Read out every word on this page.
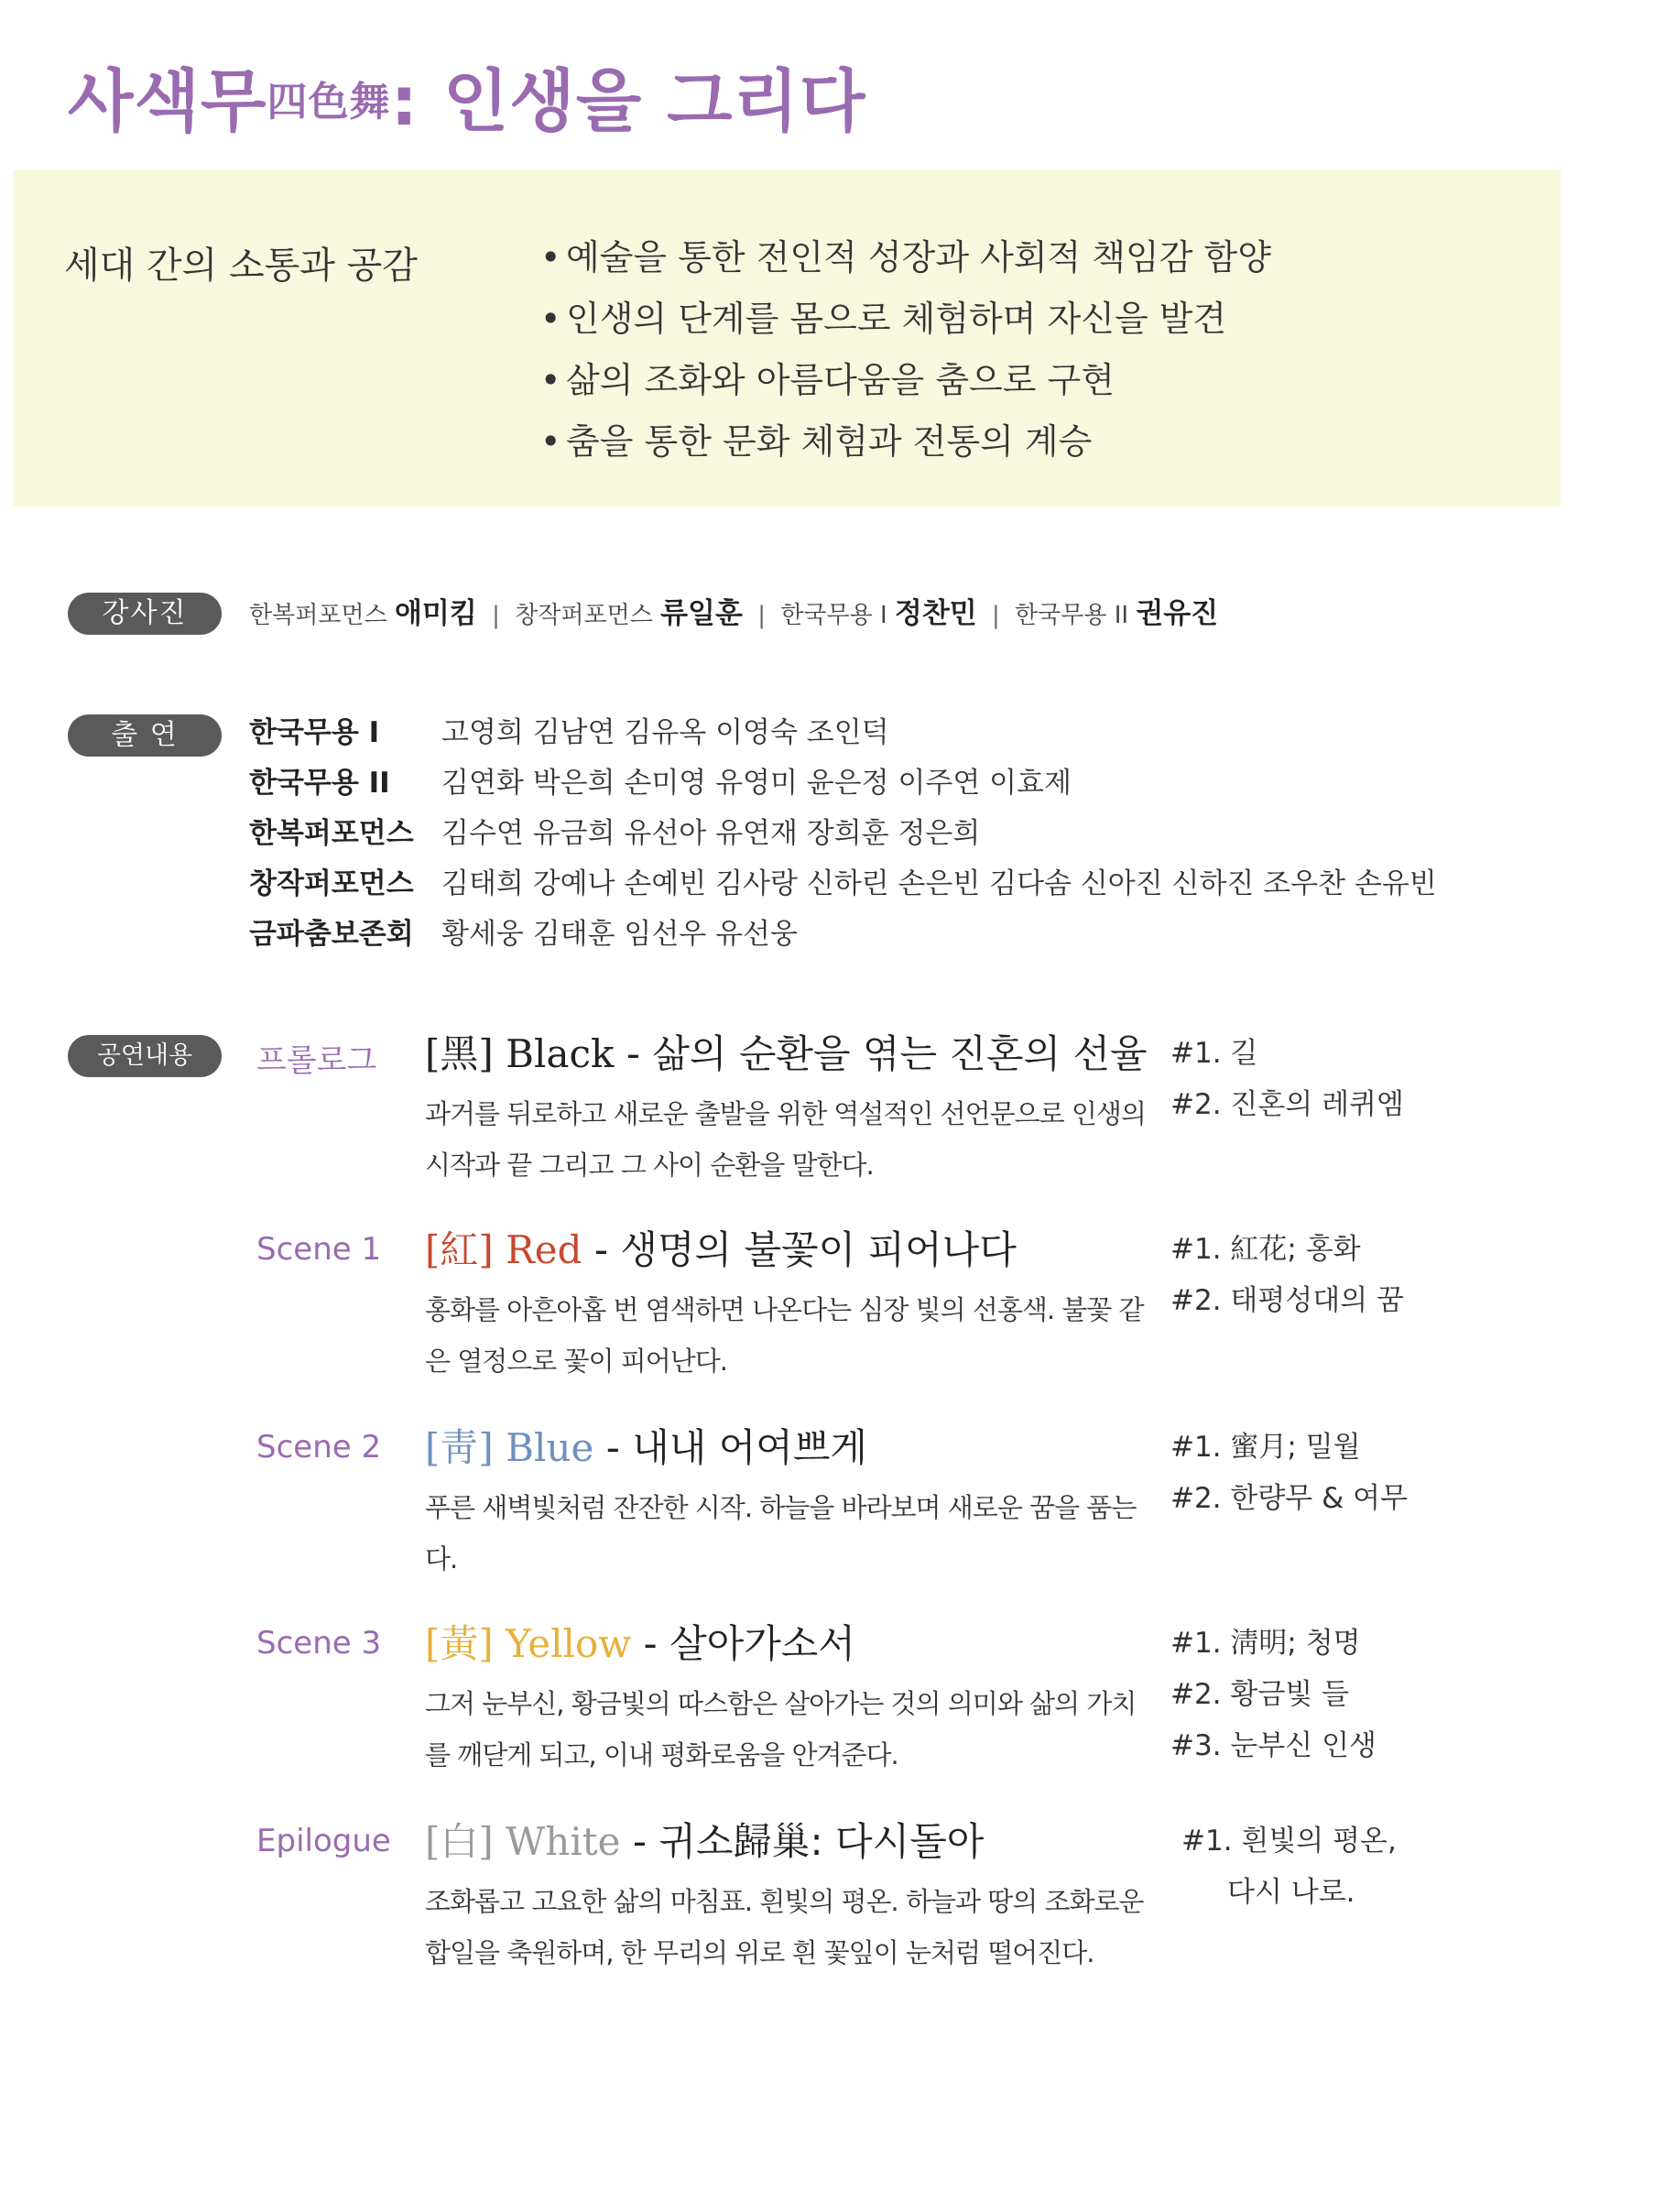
사색무四色舞: 인생을 그리다
세대 간의 소통과 공감	• 예술을 통한 전인적 성장과 사회적 책임감 함양
• 인생의 단계를 몸으로 체험하며 자신을 발견
• 삶의 조화와 아름다움을 춤으로 구현
• 춤을 통한 문화 체험과 전통의 계승
강사진	한복퍼포먼스 애미킴 | 창작퍼포먼스 류일훈 | 한국무용 I 정찬민 | 한국무용 II 권유진
출 연	한국무용 I 고영희 김남연 김유옥 이영숙 조인덕
한국무용 II 김연화 박은희 손미영 유영미 윤은정 이주연 이효제
한복퍼포먼스 김수연 유금희 유선아 유연재 장희훈 정은희
창작퍼포먼스 김태희 강예나 손예빈 김사랑 신하린 손은빈 김다솜 신아진 신하진 조우찬 손유빈
금파춤보존회 황세웅 김태훈 임선우 유선웅
공연내용	프롤로그 [黑] Black - 삶의 순환을 엮는 진혼의 선율
과거를 뒤로하고 새로운 출발을 위한 역설적인 선언문으로 인생의 시작과 끝 그리고 그 사이 순환을 말한다.
#1. 길
#2. 진혼의 레퀴엠
Scene 1 [紅] Red - 생명의 불꽃이 피어나다
홍화를 아흔아홉 번 염색하면 나온다는 심장 빛의 선홍색. 불꽃 같은 열정으로 꽃이 피어난다.
#1. 紅花; 홍화
#2. 태평성대의 꿈
Scene 2 [靑] Blue - 내내 어여쁘게
푸른 새벽빛처럼 잔잔한 시작. 하늘을 바라보며 새로운 꿈을 품는다.
#1. 蜜月; 밀월
#2. 한량무 & 여무
Scene 3 [黃] Yellow - 살아가소서
그저 눈부신, 황금빛의 따스함은 살아가는 것의 의미와 삶의 가치를 깨닫게 되고, 이내 평화로움을 안겨준다.
#1. 淸明; 청명
#2. 황금빛 들
#3. 눈부신 인생
Epilogue [白] White - 귀소歸巢: 다시돌아
조화롭고 고요한 삶의 마침표. 흰빛의 평온. 하늘과 땅의 조화로운 합일을 축원하며, 한 무리의 위로 흰 꽃잎이 눈처럼 떨어진다.
#1. 흰빛의 평온,
다시 나로.
